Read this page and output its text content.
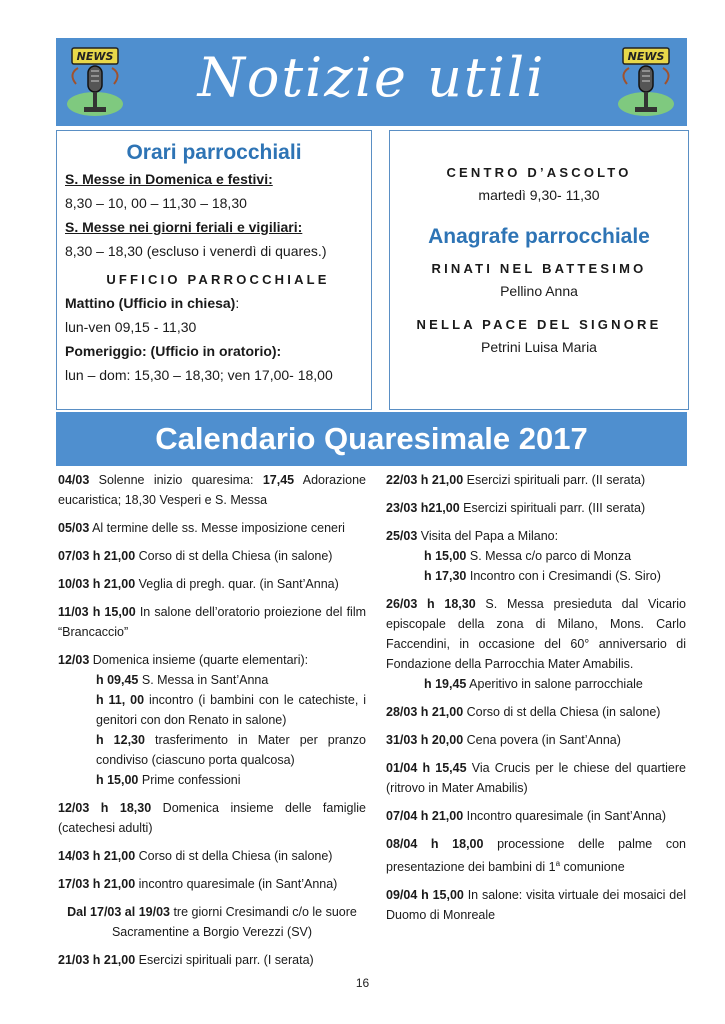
NEWS	Notizie utili	NEWS
Orari parrocchiali
S. Messe in Domenica e festivi:
8,30 – 10, 00 – 11,30 – 18,30
S. Messe nei giorni feriali e vigiliari:
8,30 – 18,30 (escluso i venerdì di quares.)
UFFICIO PARROCCHIALE
Mattino (Ufficio in chiesa):
lun-ven 09,15 - 11,30
Pomeriggio: (Ufficio in oratorio):
lun – dom: 15,30 – 18,30; ven 17,00- 18,00
CENTRO D’ASCOLTO
martedì 9,30- 11,30
Anagrafe parrocchiale
RINATI NEL BATTESIMO
Pellino Anna
NELLA PACE DEL SIGNORE
Petrini Luisa Maria
Calendario Quaresimale 2017
04/03 Solenne inizio quaresima: 17,45 Adorazione eucaristica; 18,30 Vesperi e S. Messa
05/03 Al termine delle ss. Messe imposizione ceneri
07/03 h 21,00 Corso di st della Chiesa (in salone)
10/03 h 21,00 Veglia di pregh. quar. (in Sant’Anna)
11/03 h 15,00 In salone dell’oratorio proiezione del film “Brancaccio”
12/03 Domenica insieme (quarte elementari):
h 09,45 S. Messa in Sant’Anna
h 11, 00 incontro (i bambini con le catechiste, i genitori con don Renato in salone)
h 12,30 trasferimento in Mater per pranzo condiviso (ciascuno porta qualcosa)
h 15,00 Prime confessioni
12/03 h 18,30 Domenica insieme delle famiglie (catechesi adulti)
14/03 h 21,00 Corso di st della Chiesa (in salone)
17/03 h 21,00 incontro quaresimale (in Sant’Anna)
Dal 17/03 al 19/03 tre giorni Cresimandi c/o le suore Sacramentine a Borgio Verezzi (SV)
21/03 h 21,00 Esercizi spirituali parr. (I serata)
22/03 h 21,00 Esercizi spirituali parr. (II serata)
23/03 h21,00 Esercizi spirituali parr. (III serata)
25/03 Visita del Papa a Milano:
h 15,00 S. Messa c/o parco di Monza
h 17,30 Incontro con i Cresimandi (S. Siro)
26/03 h 18,30 S. Messa presieduta dal Vicario episcopale della zona di Milano, Mons. Carlo Faccendini, in occasione del 60° anniversario di Fondazione della Parrocchia Mater Amabilis.
h 19,45 Aperitivo in salone parrocchiale
28/03 h 21,00 Corso di st della Chiesa (in salone)
31/03 h 20,00 Cena povera (in Sant’Anna)
01/04 h 15,45 Via Crucis per le chiese del quartiere (ritrovo in Mater Amabilis)
07/04 h 21,00 Incontro quaresimale (in Sant’Anna)
08/04 h 18,00 processione delle palme con presentazione dei bambini di 1$^a$ comunione
09/04 h 15,00 In salone: visita virtuale dei mosaici del Duomo di Monreale
16
